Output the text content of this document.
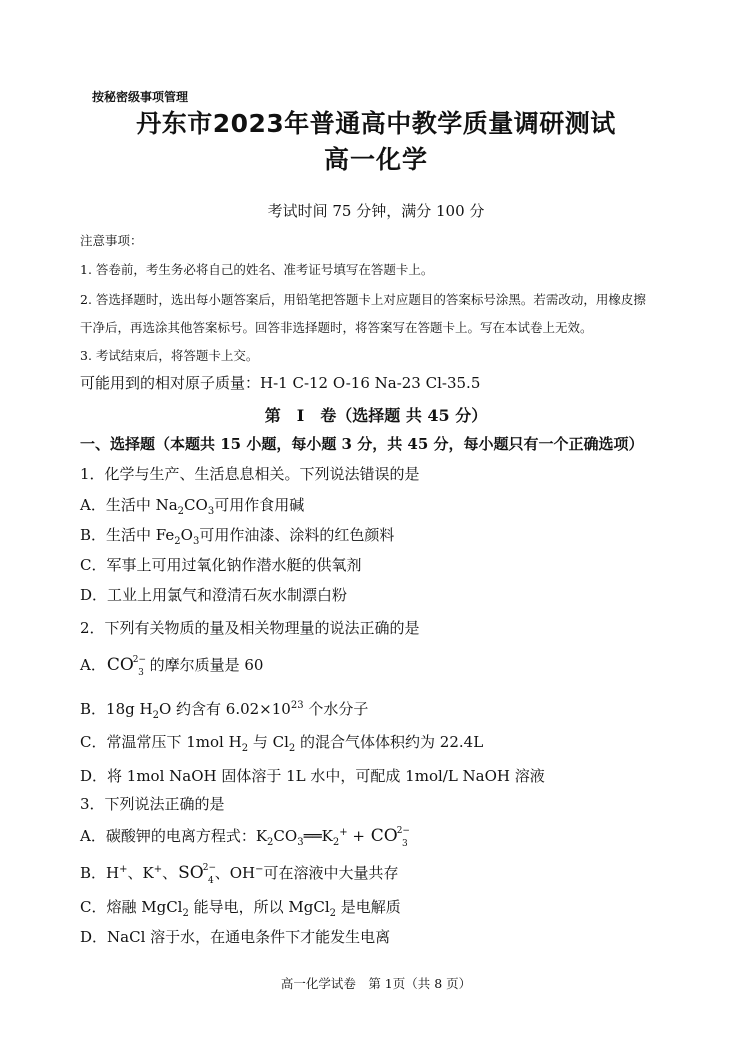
按秘密级事项管理
丹东市2023年普通高中教学质量调研测试
高一化学
考试时间 75 分钟，满分 100 分
注意事项：
1. 答卷前，考生务必将自己的姓名、准考证号填写在答题卡上。
2. 答选择题时，选出每小题答案后，用铅笔把答题卡上对应题目的答案标号涂黑。若需改动，用橡皮擦
干净后，再选涂其他答案标号。回答非选择题时，将答案写在答题卡上。写在本试卷上无效。
3. 考试结束后，将答题卡上交。
可能用到的相对原子质量：H-1 C-12 O-16 Na-23 Cl-35.5
第　Ⅰ　卷（选择题 共 45 分）
一、选择题（本题共 15 小题，每小题 3 分，共 45 分，每小题只有一个正确选项）
1．化学与生产、生活息息相关。下列说法错误的是
A．生活中 $Na_2CO_3$可用作食用碱
B．生活中 $Fe_2O_3$可用作油漆、涂料的红色颜料
C．军事上可用过氧化钠作潜水艇的供氧剂
D．工业上用氯气和澄清石灰水制漂白粉
2．下列有关物质的量及相关物理量的说法正确的是
A．$CO^{2-}_3$ 的摩尔质量是 60
B．18g $H_2O$ 约含有 $6.02\times 10^{23}$ 个水分子
C．常温常压下 1mol $H_2$ 与 $Cl_2$ 的混合气体体积约为 22.4L
D．将 1mol NaOH 固体溶于 1L 水中，可配成 1mol/L NaOH 溶液
3．下列说法正确的是
A．碳酸钾的电离方程式：$K_2CO_3══K_2^+ + CO^{2-}_3$
B．H+、K+、$SO^{2-}_4$、OH−可在溶液中大量共存
C．熔融 MgCl$_2$ 能导电，所以 MgCl$_2$ 是电解质
D．NaCl 溶于水，在通电条件下才能发生电离
高一化学试卷　第 1页（共 8 页）
